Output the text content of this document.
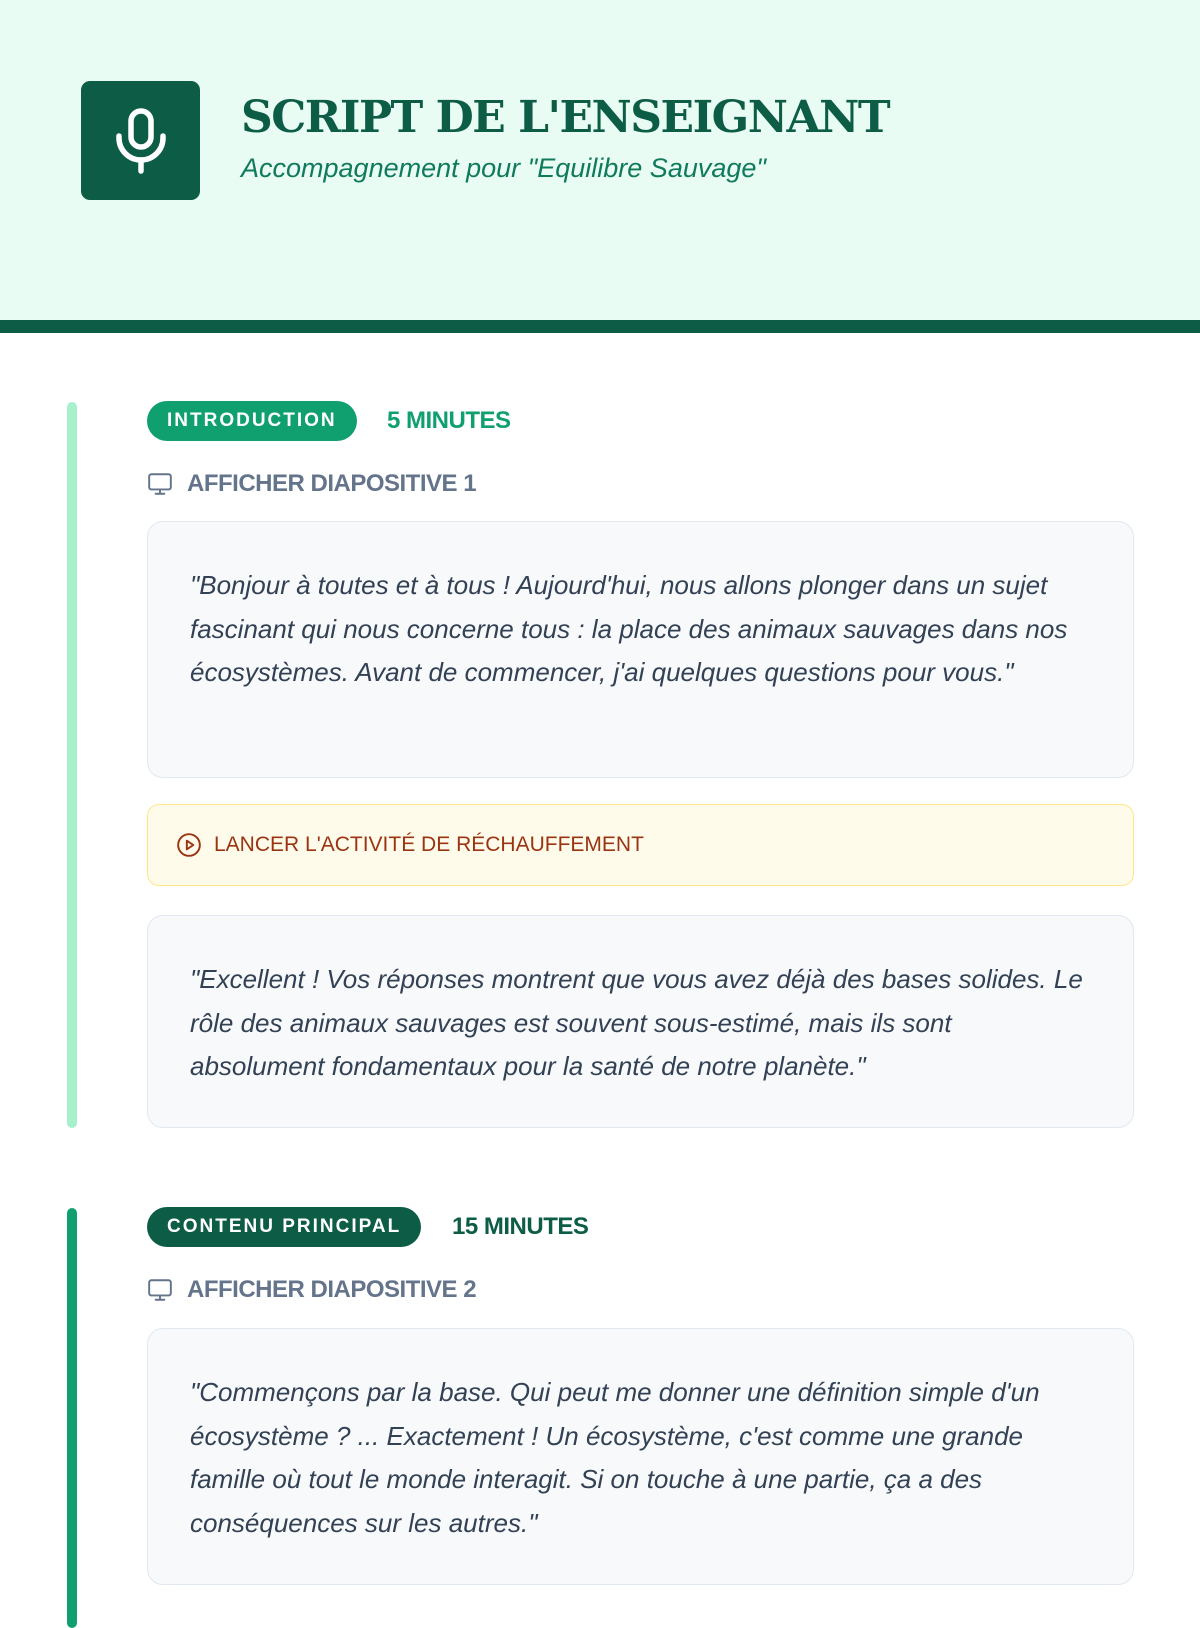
SCRIPT DE L'ENSEIGNANT

Accompagnement pour "Equilibre Sauvage"

INTRODUCTION	5 MINUTES
AFFICHER DIAPOSITIVE 1

"Bonjour à toutes et à tous ! Aujourd'hui, nous allons plonger dans un sujet fascinant qui nous concerne tous : la place des animaux sauvages dans nos écosystèmes. Avant de commencer, j'ai quelques questions pour vous."

LANCER L'ACTIVITÉ DE RÉCHAUFFEMENT

"Excellent ! Vos réponses montrent que vous avez déjà des bases solides. Le rôle des animaux sauvages est souvent sous-estimé, mais ils sont absolument fondamentaux pour la santé de notre planète."

CONTENU PRINCIPAL	15 MINUTES
AFFICHER DIAPOSITIVE 2

"Commençons par la base. Qui peut me donner une définition simple d'un écosystème ? ... Exactement ! Un écosystème, c'est comme une grande famille où tout le monde interagit. Si on touche à une partie, ça a des conséquences sur les autres."
